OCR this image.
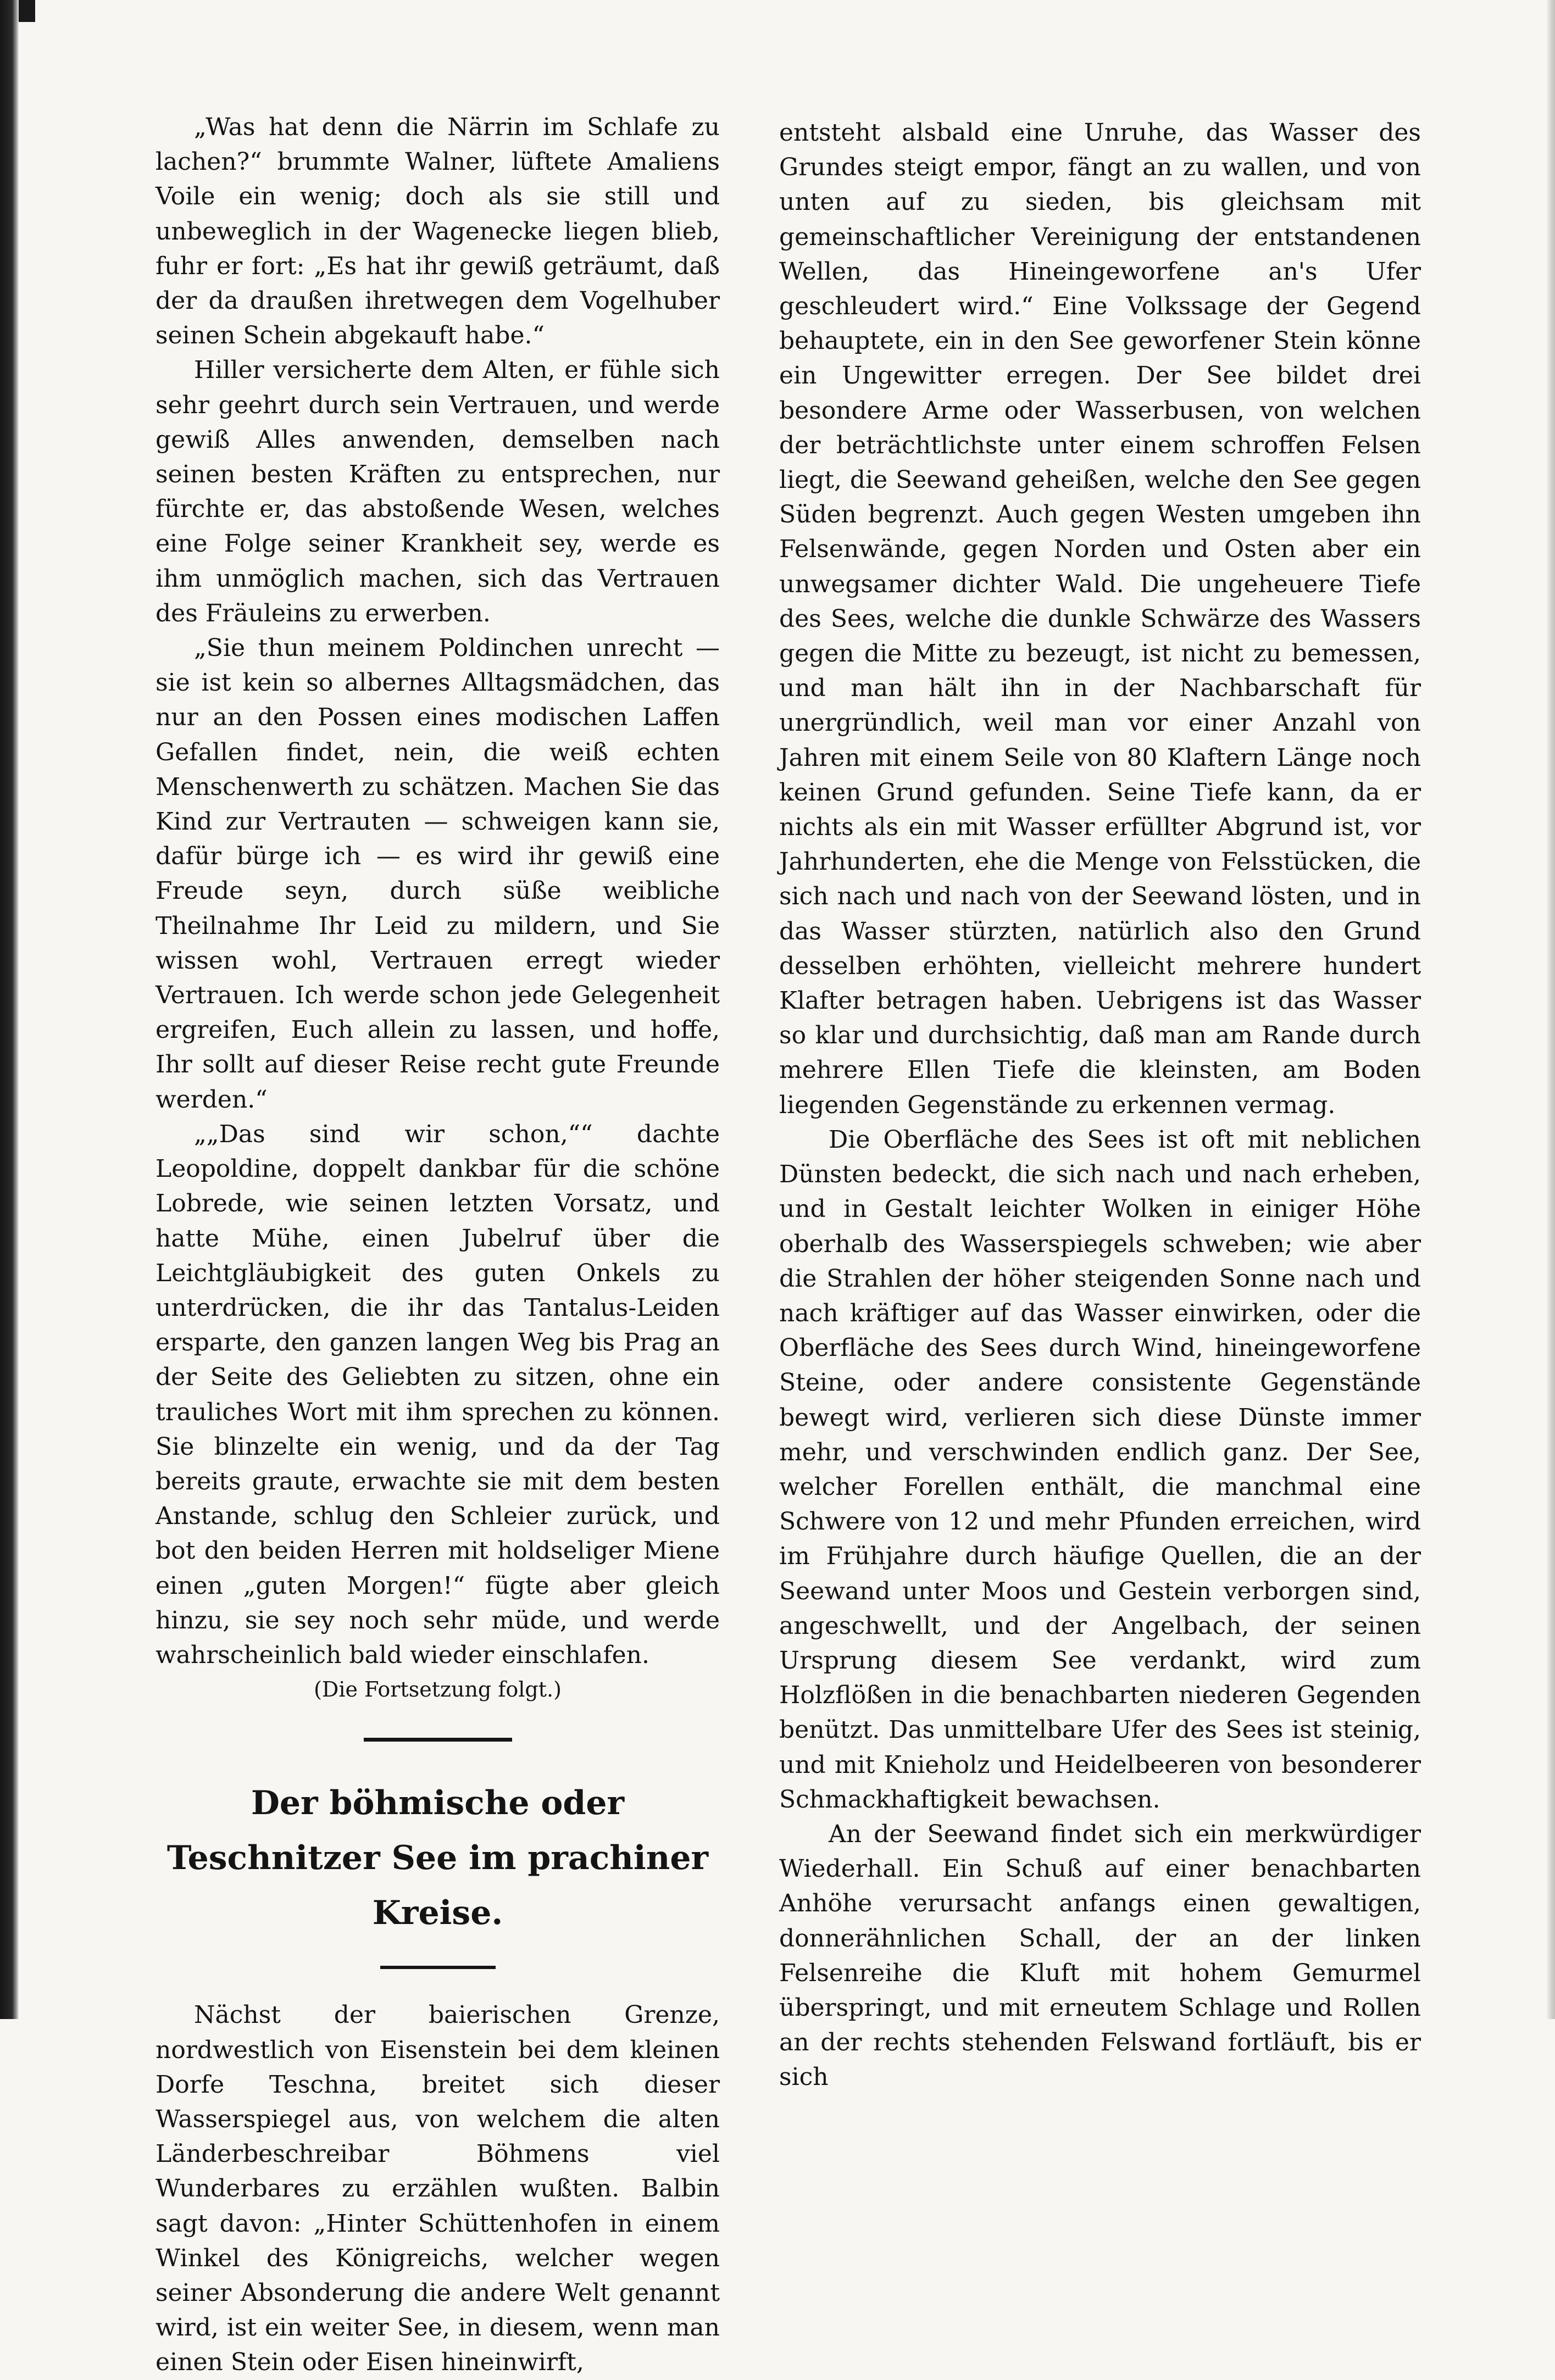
„Was hat denn die Närrin im Schlafe zu lachen?“ brummte Walner, lüftete Amaliens Voile ein wenig; doch als sie still und unbeweglich in der Wagenecke liegen blieb, fuhr er fort: „Es hat ihr gewiß geträumt, daß der da draußen ihretwegen dem Vogelhuber seinen Schein abgekauft habe.“

Hiller versicherte dem Alten, er fühle sich sehr geehrt durch sein Vertrauen, und werde gewiß Alles anwenden, demselben nach seinen besten Kräften zu entsprechen, nur fürchte er, das abstoßende Wesen, welches eine Folge seiner Krankheit sey, werde es ihm unmöglich machen, sich das Vertrauen des Fräuleins zu erwerben.

„Sie thun meinem Poldinchen unrecht — sie ist kein so albernes Alltagsmädchen, das nur an den Possen eines modischen Laffen Gefallen findet, nein, die weiß echten Menschenwerth zu schätzen. Machen Sie das Kind zur Vertrauten — schweigen kann sie, dafür bürge ich — es wird ihr gewiß eine Freude seyn, durch süße weibliche Theilnahme Ihr Leid zu mildern, und Sie wissen wohl, Vertrauen erregt wieder Vertrauen. Ich werde schon jede Gelegenheit ergreifen, Euch allein zu lassen, und hoffe, Ihr sollt auf dieser Reise recht gute Freunde werden.“

„„Das sind wir schon,““ dachte Leopoldine, doppelt dankbar für die schöne Lobrede, wie seinen letzten Vorsatz, und hatte Mühe, einen Jubelruf über die Leichtgläubigkeit des guten Onkels zu unterdrücken, die ihr das Tantalus-Leiden ersparte, den ganzen langen Weg bis Prag an der Seite des Geliebten zu sitzen, ohne ein trauliches Wort mit ihm sprechen zu können. Sie blinzelte ein wenig, und da der Tag bereits graute, erwachte sie mit dem besten Anstande, schlug den Schleier zurück, und bot den beiden Herren mit holdseliger Miene einen „guten Morgen!“ fügte aber gleich hinzu, sie sey noch sehr müde, und werde wahrscheinlich bald wieder einschlafen.

(Die Fortsetzung folgt.)

Der böhmische oder Teschnitzer See im prachiner Kreise.

Nächst der baierischen Grenze, nordwestlich von Eisenstein bei dem kleinen Dorfe Teschna, breitet sich dieser Wasserspiegel aus, von welchem die alten Länderbeschreibar Böhmens viel Wunderbares zu erzählen wußten. Balbin sagt davon: „Hinter Schüttenhofen in einem Winkel des Königreichs, welcher wegen seiner Absonderung die andere Welt genannt wird, ist ein weiter See, in diesem, wenn man einen Stein oder Eisen hineinwirft,

entsteht alsbald eine Unruhe, das Wasser des Grundes steigt empor, fängt an zu wallen, und von unten auf zu sieden, bis gleichsam mit gemeinschaftlicher Vereinigung der entstandenen Wellen, das Hineingeworfene an's Ufer geschleudert wird.“ Eine Volkssage der Gegend behauptete, ein in den See geworfener Stein könne ein Ungewitter erregen. Der See bildet drei besondere Arme oder Wasserbusen, von welchen der beträchtlichste unter einem schroffen Felsen liegt, die Seewand geheißen, welche den See gegen Süden begrenzt. Auch gegen Westen umgeben ihn Felsenwände, gegen Norden und Osten aber ein unwegsamer dichter Wald. Die ungeheuere Tiefe des Sees, welche die dunkle Schwärze des Wassers gegen die Mitte zu bezeugt, ist nicht zu bemessen, und man hält ihn in der Nachbarschaft für unergründlich, weil man vor einer Anzahl von Jahren mit einem Seile von 80 Klaftern Länge noch keinen Grund gefunden. Seine Tiefe kann, da er nichts als ein mit Wasser erfüllter Abgrund ist, vor Jahrhunderten, ehe die Menge von Felsstücken, die sich nach und nach von der Seewand lösten, und in das Wasser stürzten, natürlich also den Grund desselben erhöhten, vielleicht mehrere hundert Klafter betragen haben. Uebrigens ist das Wasser so klar und durchsichtig, daß man am Rande durch mehrere Ellen Tiefe die kleinsten, am Boden liegenden Gegenstände zu erkennen vermag.

Die Oberfläche des Sees ist oft mit neblichen Dünsten bedeckt, die sich nach und nach erheben, und in Gestalt leichter Wolken in einiger Höhe oberhalb des Wasserspiegels schweben; wie aber die Strahlen der höher steigenden Sonne nach und nach kräftiger auf das Wasser einwirken, oder die Oberfläche des Sees durch Wind, hineingeworfene Steine, oder andere consistente Gegenstände bewegt wird, verlieren sich diese Dünste immer mehr, und verschwinden endlich ganz. Der See, welcher Forellen enthält, die manchmal eine Schwere von 12 und mehr Pfunden erreichen, wird im Frühjahre durch häufige Quellen, die an der Seewand unter Moos und Gestein verborgen sind, angeschwellt, und der Angelbach, der seinen Ursprung diesem See verdankt, wird zum Holzflößen in die benachbarten niederen Gegenden benützt. Das unmittelbare Ufer des Sees ist steinig, und mit Knieholz und Heidelbeeren von besonderer Schmackhaftigkeit bewachsen.

An der Seewand findet sich ein merkwürdiger Wiederhall. Ein Schuß auf einer benachbarten Anhöhe verursacht anfangs einen gewaltigen, donnerähnlichen Schall, der an der linken Felsenreihe die Kluft mit hohem Gemurmel überspringt, und mit erneutem Schlage und Rollen an der rechts stehenden Felswand fortläuft, bis er sich
